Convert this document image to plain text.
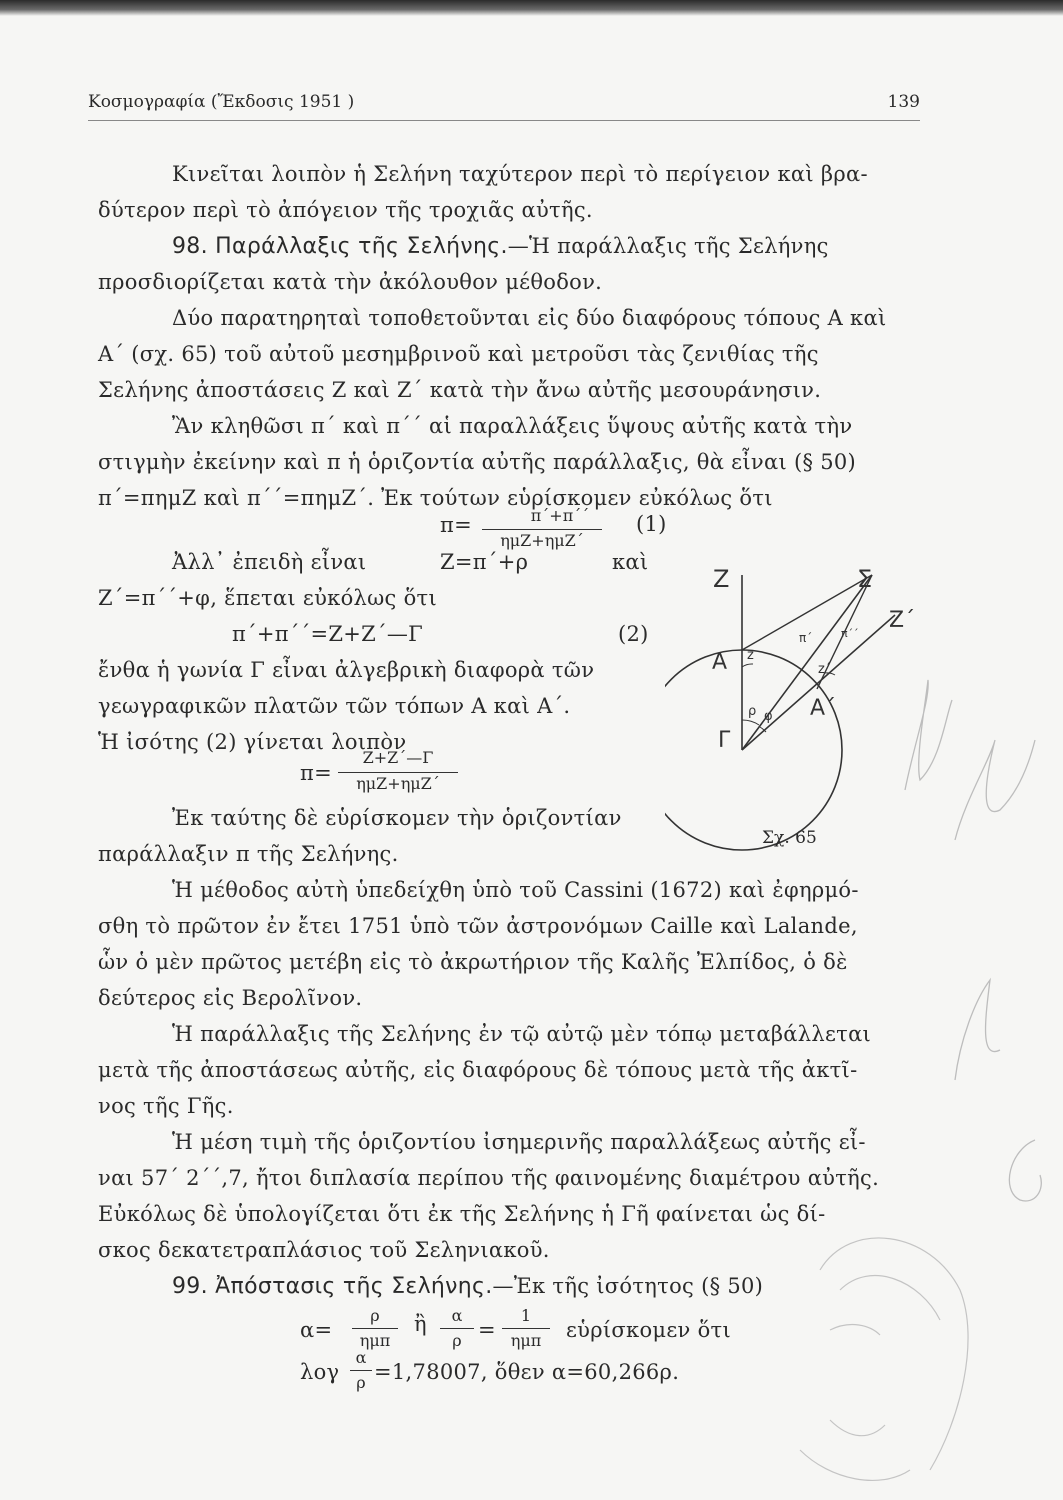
Κοσμογραφία (Ἔκδοσις 1951 )	139
Κινεῖται λοιπὸν ἡ Σελήνη ταχύτερον περὶ τὸ περίγειον καὶ βρα-
δύτερον περὶ τὸ ἀπόγειον τῆς τροχιᾶς αὐτῆς.
98. Παράλλαξις τῆς Σελήνης.—Ἡ παράλλαξις τῆς Σελήνης
προσδιορίζεται κατὰ τὴν ἀκόλουθον μέθοδον.
Δύο παρατηρηταὶ τοποθετοῦνται εἰς δύο διαφόρους τόπους Α καὶ
Α΄ (σχ. 65) τοῦ αὐτοῦ μεσημβρινοῦ καὶ μετροῦσι τὰς ζενιθίας τῆς
Σελήνης ἀποστάσεις Ζ καὶ Ζ΄ κατὰ τὴν ἄνω αὐτῆς μεσουράνησιν.
Ἂν κληθῶσι π΄ καὶ π΄΄ αἱ παραλλάξεις ὕψους αὐτῆς κατὰ τὴν
στιγμὴν ἐκείνην καὶ π ἡ ὁριζοντία αὐτῆς παράλλαξις, θὰ εἶναι (§ 50)
π΄=πημΖ καὶ π΄΄=πημΖ΄. Ἐκ τούτων εὑρίσκομεν εὐκόλως ὅτι
π΄+π΄΄
π=
ημΖ+ημΖ΄
(1)
Ἀλλ᾽ ἐπειδὴ εἶναι	Ζ=π΄+ρ	καὶ
Ζ΄=π΄΄+φ, ἕπεται εὐκόλως ὅτι
π΄+π΄΄=Ζ+Ζ΄—Γ	(2)
ἔνθα ἡ γωνία Γ εἶναι ἀλγεβρικὴ διαφορὰ τῶν
γεωγραφικῶν πλατῶν τῶν τόπων Α καὶ Α΄.
Ἡ ἰσότης (2) γίνεται λοιπὸν
Ζ+Ζ΄—Γ
π=	ημΖ+ημΖ΄
Ἐκ ταύτης δὲ εὑρίσκομεν τὴν ὁριζοντίαν
παράλλαξιν π τῆς Σελήνης.
Ἡ μέθοδος αὐτὴ ὑπεδείχθη ὑπὸ τοῦ Cassini (1672) καὶ ἐφηρμό-
σθη τὸ πρῶτον ἐν ἔτει 1751 ὑπὸ τῶν ἀστρονόμων Caille καὶ Lalande,
ὧν ὁ μὲν πρῶτος μετέβη εἰς τὸ ἀκρωτήριον τῆς Καλῆς Ἐλπίδος, ὁ δὲ
δεύτερος εἰς Βερολῖνον.
Ἡ παράλλαξις τῆς Σελήνης ἐν τῷ αὐτῷ μὲν τόπῳ μεταβάλλεται
μετὰ τῆς ἀποστάσεως αὐτῆς, εἰς διαφόρους δὲ τόπους μετὰ τῆς ἀκτῖ-
νος τῆς Γῆς.
Ἡ μέση τιμὴ τῆς ὁριζοντίου ἰσημερινῆς παραλλάξεως αὐτῆς εἶ-
ναι 57΄ 2΄΄,7, ἤτοι διπλασία περίπου τῆς φαινομένης διαμέτρου αὐτῆς.
Εὐκόλως δὲ ὑπολογίζεται ὅτι ἐκ τῆς Σελήνης ἡ Γῆ φαίνεται ὡς δί-
σκος δεκατετραπλάσιος τοῦ Σεληνιακοῦ.
99. Ἀπόστασις τῆς Σελήνης.—Ἐκ τῆς ἰσότητος (§ 50)
α=
ρ
ημπ
ἢ	α
ρ =
1
ημπ	εὑρίσκομεν ὅτι
λογ
α
ρ =1,78007, ὅθεν α=60,266ρ.
Ζ	Σ
Ζ΄
Α
Α΄
Γ
z
z΄
ρ φ
π΄	π΄΄
Σχ. 65
